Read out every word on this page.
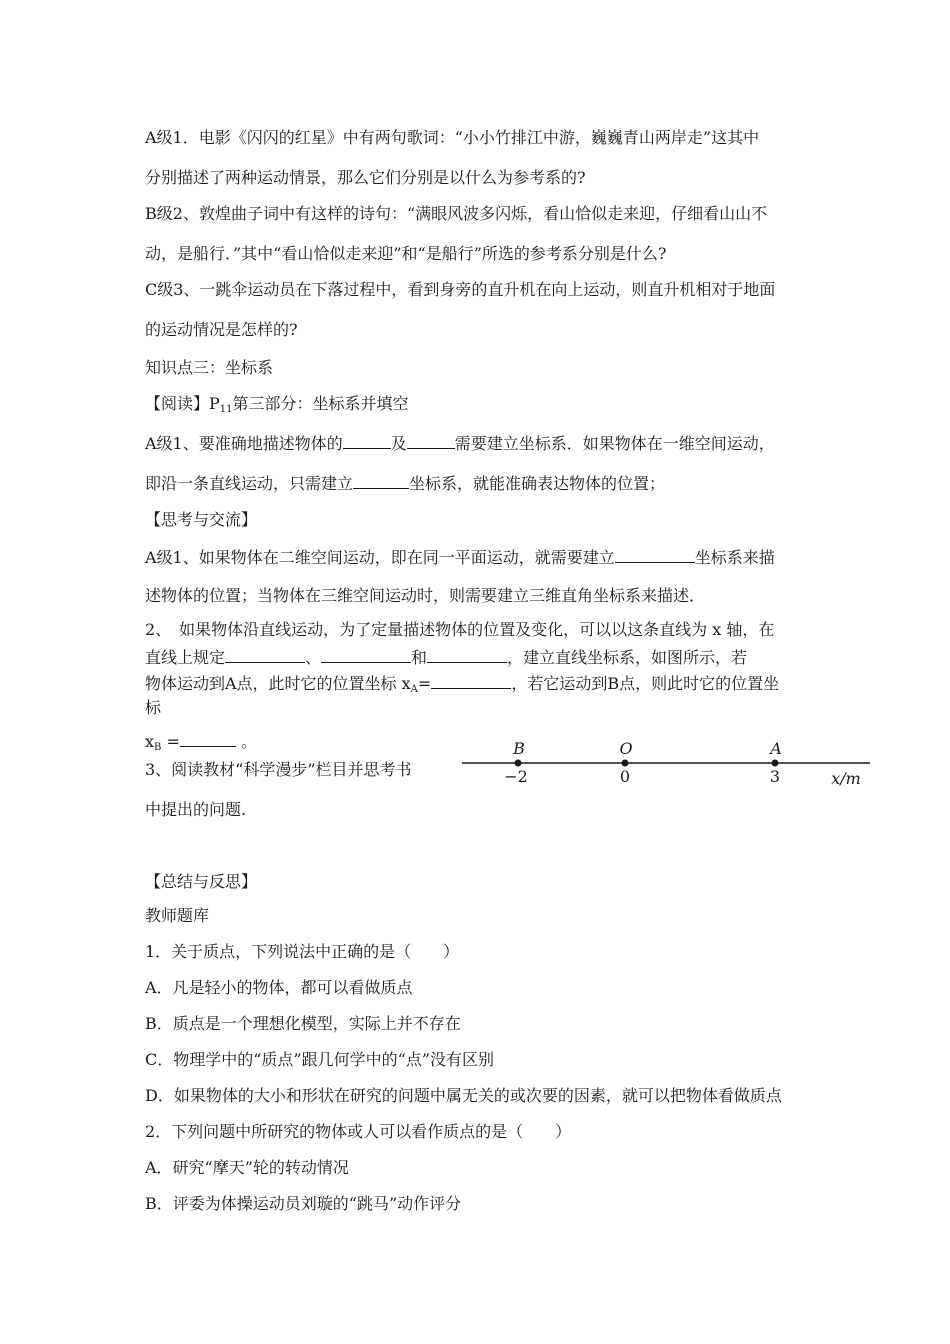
A级1．电影《闪闪的红星》中有两句歌词：“小小竹排江中游，巍巍青山两岸走”这其中
分别描述了两种运动情景，那么它们分别是以什么为参考系的?
B级2、敦煌曲子词中有这样的诗句：“满眼风波多闪烁，看山恰似走来迎，仔细看山山不
动，是船行．”其中“看山恰似走来迎”和“是船行”所选的参考系分别是什么?
C级3、一跳伞运动员在下落过程中，看到身旁的直升机在向上运动，则直升机相对于地面
的运动情况是怎样的?
知识点三：坐标系
【阅读】P11第三部分：坐标系并填空
A级1、要准确地描述物体的	及	需要建立坐标系．如果物体在一维空间运动，
即沿一条直线运动，只需建立	坐标系，就能准确表达物体的位置；
【思考与交流】
A级1、如果物体在二维空间运动，即在同一平面运动，就需要建立	坐标系来描
述物体的位置；当物体在三维空间运动时，则需要建立三维直角坐标系来描述．
2、　如果物体沿直线运动，为了定量描述物体的位置及变化，可以以这条直线为 x 轴，在
直线上规定	、	和	，建立直线坐标系，如图所示，若
物体运动到A点，此时它的位置坐标 xA=	，若它运动到B点，则此时它的位置坐
标
xB =	。
3、阅读教材“科学漫步”栏目并思考书
中提出的问题.
B	O	A
−2	0	3	x/m
【总结与反思】
教师题库
1．关于质点，下列说法中正确的是（　　）
A．凡是轻小的物体，都可以看做质点
B．质点是一个理想化模型，实际上并不存在
C．物理学中的“质点”跟几何学中的“点”没有区别
D．如果物体的大小和形状在研究的问题中属无关的或次要的因素，就可以把物体看做质点
2．下列问题中所研究的物体或人可以看作质点的是（　　）
A．研究“摩天”轮的转动情况
B．评委为体操运动员刘璇的“跳马”动作评分
